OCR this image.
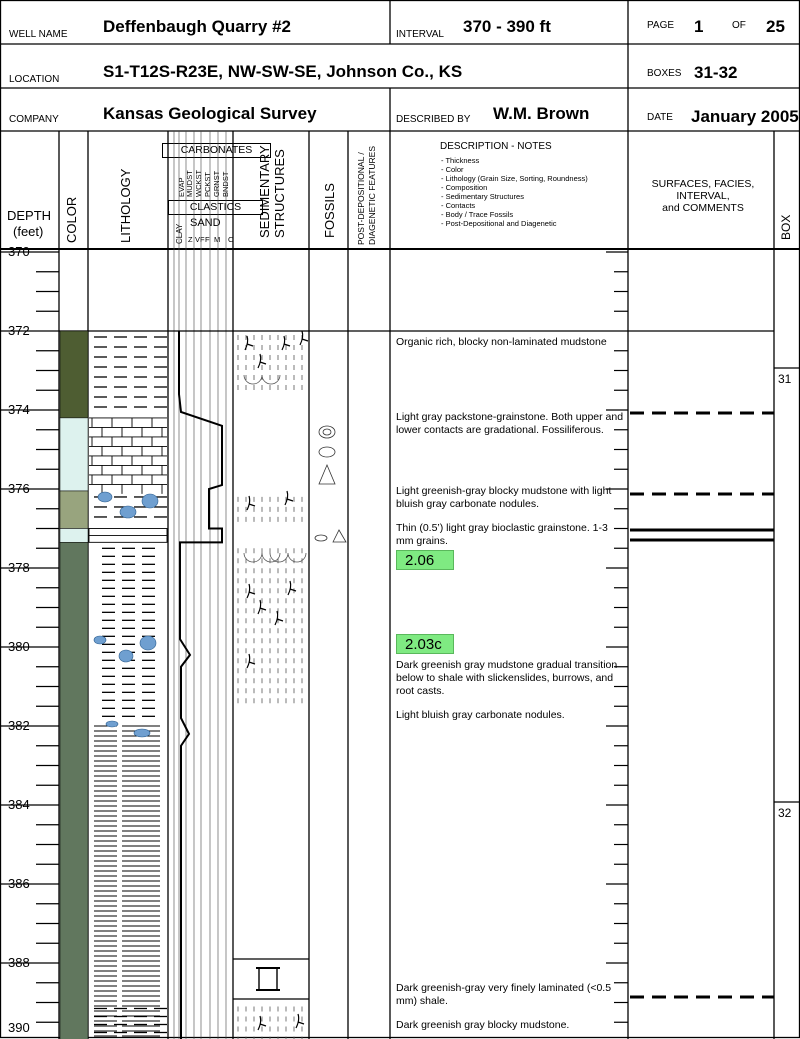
WELL NAME Deffenbaugh Quarry #2	INTERVAL 370 - 390 ft	PAGE 1	OF 25
LOCATION	S1-T12S-R23E, NW-SW-SE, Johnson Co., KS	BOXES 31-32
COMPANY	Kansas Geological Survey	DESCRIBED BY W.M. Brown	DATE January 2005
DEPTH
(feet) COLOR	LITHOLOGY
CARBONATES
EVAP MUDST WCKST PCKST GRNST BNDST
CLASTICS
CLAY
SAND
Z VF F M C
SEDIMENTARY STRUCTURES	FOSSILS POST-DEPOSITIONAL / DIAGENETIC FEATURES	DESCRIPTION - NOTES
- Thickness
- Color
- Lithology (Grain Size, Sorting, Roundness)
- Composition
- Sedimentary Structures
- Contacts
- Body / Trace Fossils
- Post-Depositional and Diagenetic
SURFACES, FACIES,
INTERVAL,
and COMMENTS
BOX
370
372
374
376
378
380
382
384
386
388
390
31
32
Organic rich, blocky non-laminated mudstone
Light gray packstone-grainstone. Both upper and lower contacts are gradational. Fossiliferous.
Light greenish-gray blocky mudstone with light bluish gray carbonate nodules.
Thin (0.5’) light gray bioclastic grainstone. 1-3 mm grains.
Dark greenish gray mudstone gradual transition below to shale with slickenslides, burrows, and root casts.
Light bluish gray carbonate nodules.
Dark greenish-gray very finely laminated (<0.5 mm) shale.
Dark greenish gray blocky mudstone.
2.06
2.03c
